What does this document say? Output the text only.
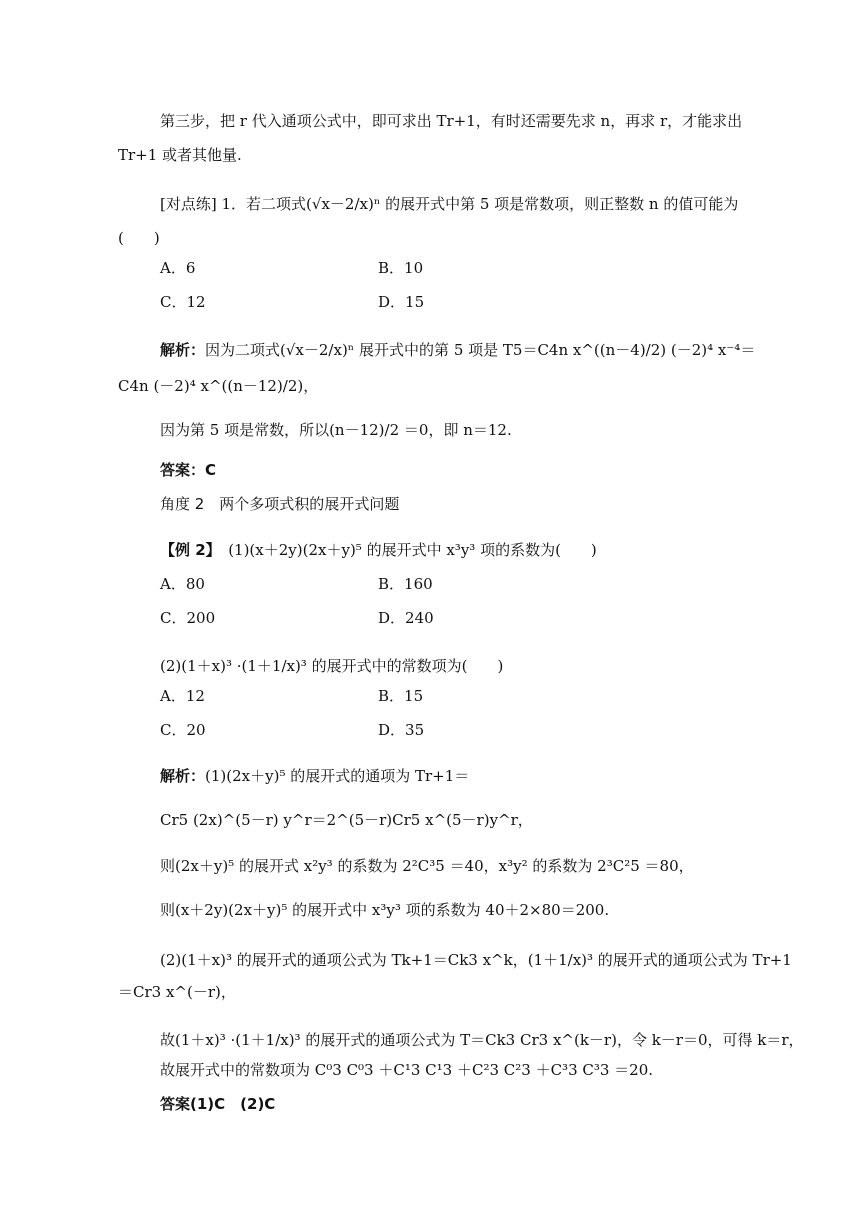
第三步，把 r 代入通项公式中，即可求出 Tr+1，有时还需要先求 n，再求 r，才能求出
Tr+1 或者其他量.
[对点练] 1．若二项式(√x－2/x)ⁿ 的展开式中第 5 项是常数项，则正整数 n 的值可能为
(　　)
A．6	B．10
C．12	D．15
解析：因为二项式(√x－2/x)ⁿ 展开式中的第 5 项是 T5＝C4n x^((n－4)/2) (－2)⁴ x⁻⁴＝
C4n (－2)⁴ x^((n－12)/2)，
因为第 5 项是常数，所以(n－12)/2 ＝0，即 n＝12.
答案：C
角度 2　两个多项式积的展开式问题
【例 2】　 (1)(x＋2y)(2x＋y)⁵ 的展开式中 x³y³ 项的系数为(　　)
A．80	B．160
C．200	D．240
(2)(1＋x)³ ·(1＋1/x)³ 的展开式中的常数项为(　　)
A．12	B．15
C．20	D．35
解析：(1)(2x＋y)⁵ 的展开式的通项为 Tr+1＝
Cr5 (2x)^(5－r) y^r＝2^(5－r)Cr5 x^(5－r)y^r，
则(2x＋y)⁵ 的展开式 x²y³ 的系数为 2²C³5 ＝40，x³y² 的系数为 2³C²5 ＝80，
则(x＋2y)(2x＋y)⁵ 的展开式中 x³y³ 项的系数为 40＋2×80＝200.
(2)(1＋x)³ 的展开式的通项公式为 Tk+1＝Ck3 x^k，(1＋1/x)³ 的展开式的通项公式为 Tr+1
＝Cr3 x^(－r)，
故(1＋x)³ ·(1＋1/x)³ 的展开式的通项公式为 T＝Ck3 Cr3 x^(k－r)，令 k－r＝0，可得 k＝r，
故展开式中的常数项为 C⁰3 C⁰3 ＋C¹3 C¹3 ＋C²3 C²3 ＋C³3 C³3 ＝20.
答案(1)C　(2)C
